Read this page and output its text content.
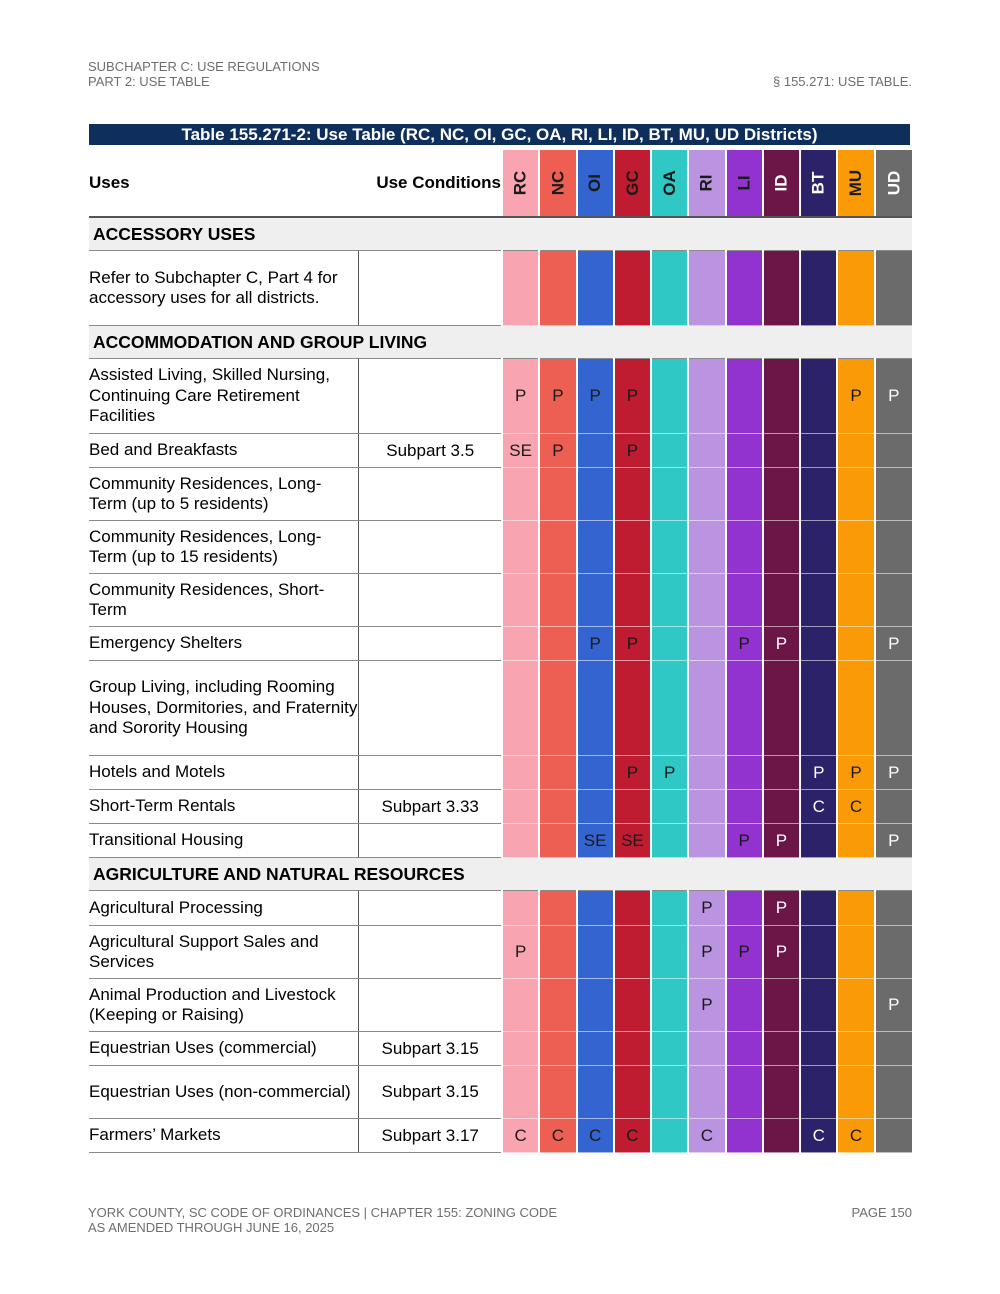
SUBCHAPTER C: USE REGULATIONS
PART 2: USE TABLE	§ 155.271: USE TABLE.
Table 155.271-2: Use Table (RC, NC, OI, GC, OA, RI, LI, ID, BT, MU, UD Districts)
Uses	Use Conditions	RC	NC	OI	GC	OA	RI	LI	ID	BT	MU	UD
ACCESSORY USES												
Refer to Subchapter C, Part 4 for accessory uses for all districts.												
ACCOMMODATION AND GROUP LIVING												
Assisted Living, Skilled Nursing, Continuing Care Retirement Facilities		P	P	P	P						P	P
Bed and Breakfasts	Subpart 3.5	SE	P		P							
Community Residences, Long-Term (up to 5 residents)												
Community Residences, Long-Term (up to 15 residents)												
Community Residences, Short-Term												
Emergency Shelters				P	P			P	P			P
Group Living, including Rooming Houses, Dormitories, and Fraternity and Sorority Housing												
Hotels and Motels					P	P				P	P	P
Short-Term Rentals	Subpart 3.33									C	C	
Transitional Housing				SE	SE			P	P			P
AGRICULTURE AND NATURAL RESOURCES												
Agricultural Processing							P		P			
Agricultural Support Sales and Services		P					P	P	P			
Animal Production and Livestock (Keeping or Raising)							P					P
Equestrian Uses (commercial)	Subpart 3.15											
Equestrian Uses (non-commercial)	Subpart 3.15											
Farmers’ Markets	Subpart 3.17	C	C	C	C		C			C	C	
YORK COUNTY, SC CODE OF ORDINANCES | CHAPTER 155: ZONING CODE
AS AMENDED THROUGH JUNE 16, 2025
PAGE 150
